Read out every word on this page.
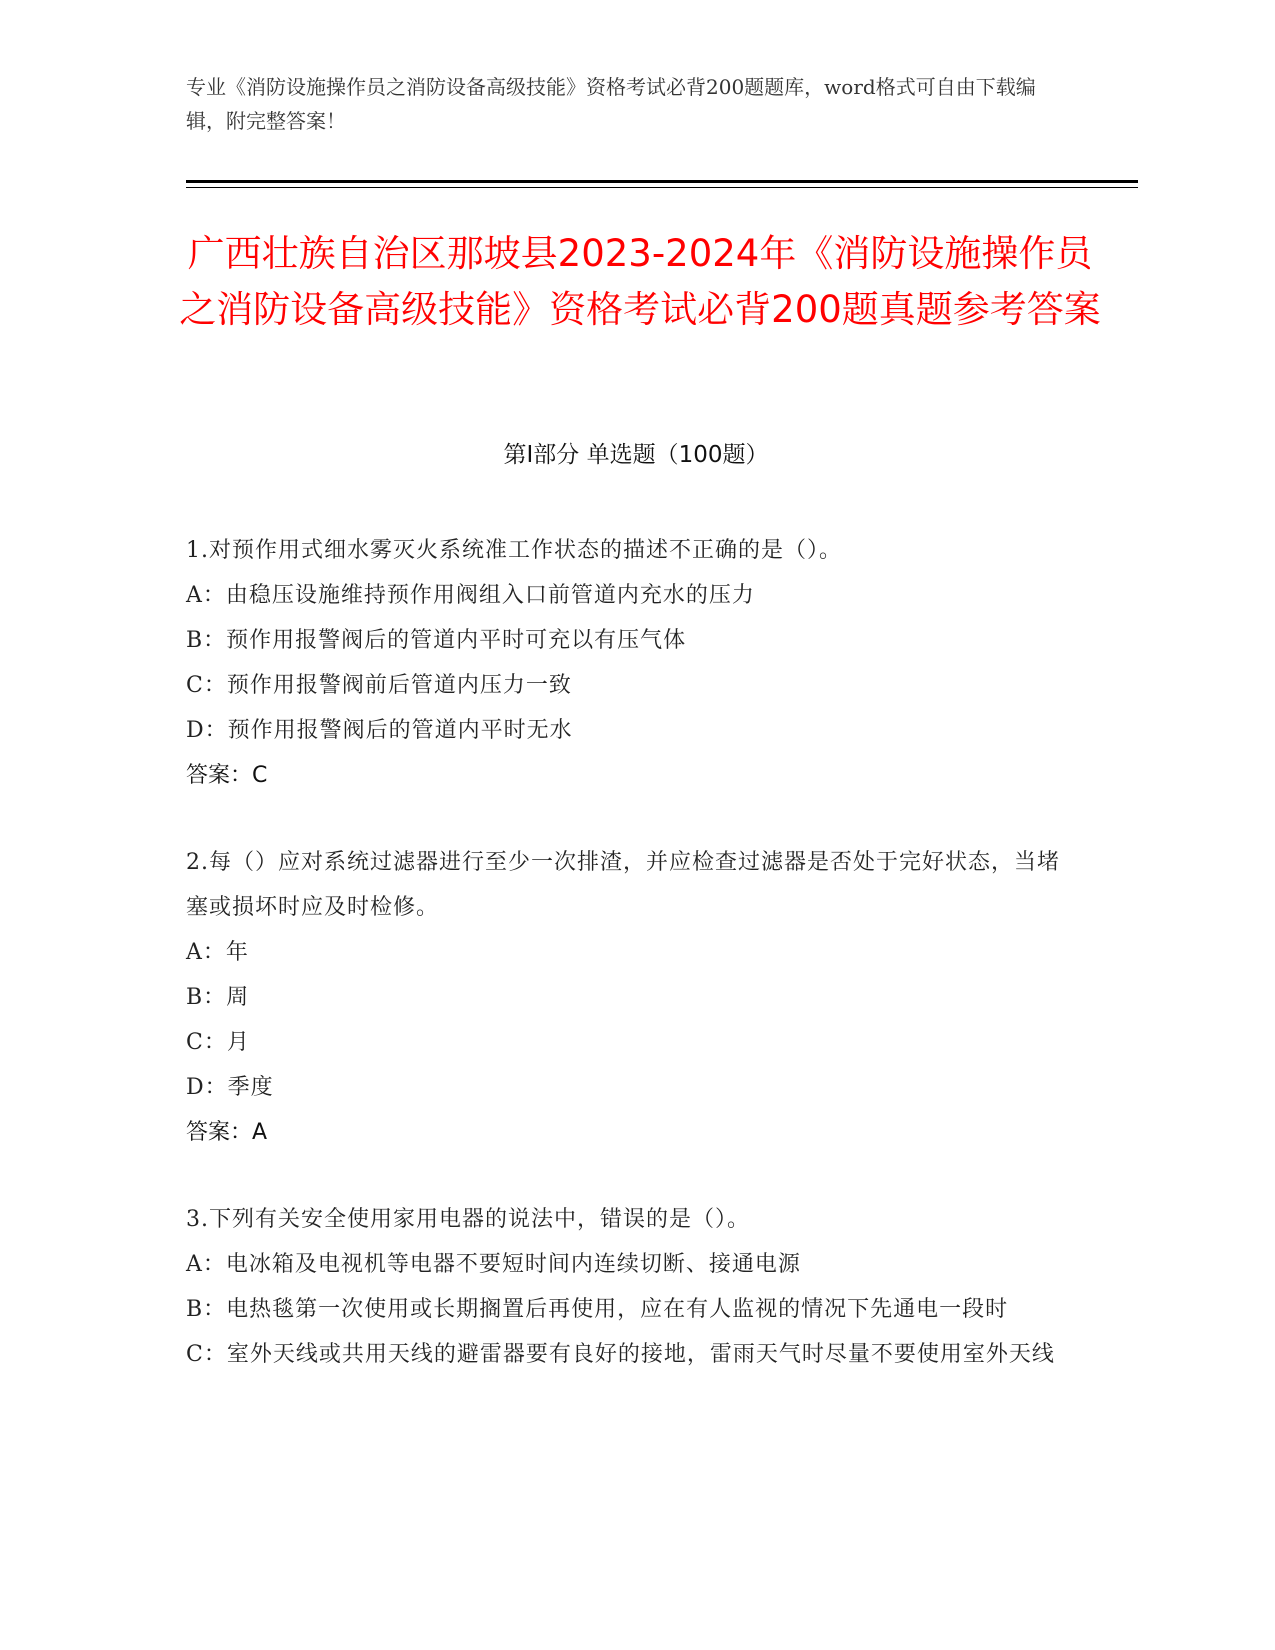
专业《消防设施操作员之消防设备高级技能》资格考试必背200题题库，word格式可自由下载编辑，附完整答案！
广西壮族自治区那坡县2023-2024年《消防设施操作员之消防设备高级技能》资格考试必背200题真题参考答案
第Ⅰ部分 单选题（100题）
1.对预作用式细水雾灭火系统准工作状态的描述不正确的是（）。
A：由稳压设施维持预作用阀组入口前管道内充水的压力
B：预作用报警阀后的管道内平时可充以有压气体
C：预作用报警阀前后管道内压力一致
D：预作用报警阀后的管道内平时无水
答案：C
2.每（）应对系统过滤器进行至少一次排渣，并应检查过滤器是否处于完好状态，当堵塞或损坏时应及时检修。
A：年
B：周
C：月
D：季度
答案：A
3.下列有关安全使用家用电器的说法中，错误的是（）。
A：电冰箱及电视机等电器不要短时间内连续切断、接通电源
B：电热毯第一次使用或长期搁置后再使用，应在有人监视的情况下先通电一段时
C：室外天线或共用天线的避雷器要有良好的接地，雷雨天气时尽量不要使用室外天线
